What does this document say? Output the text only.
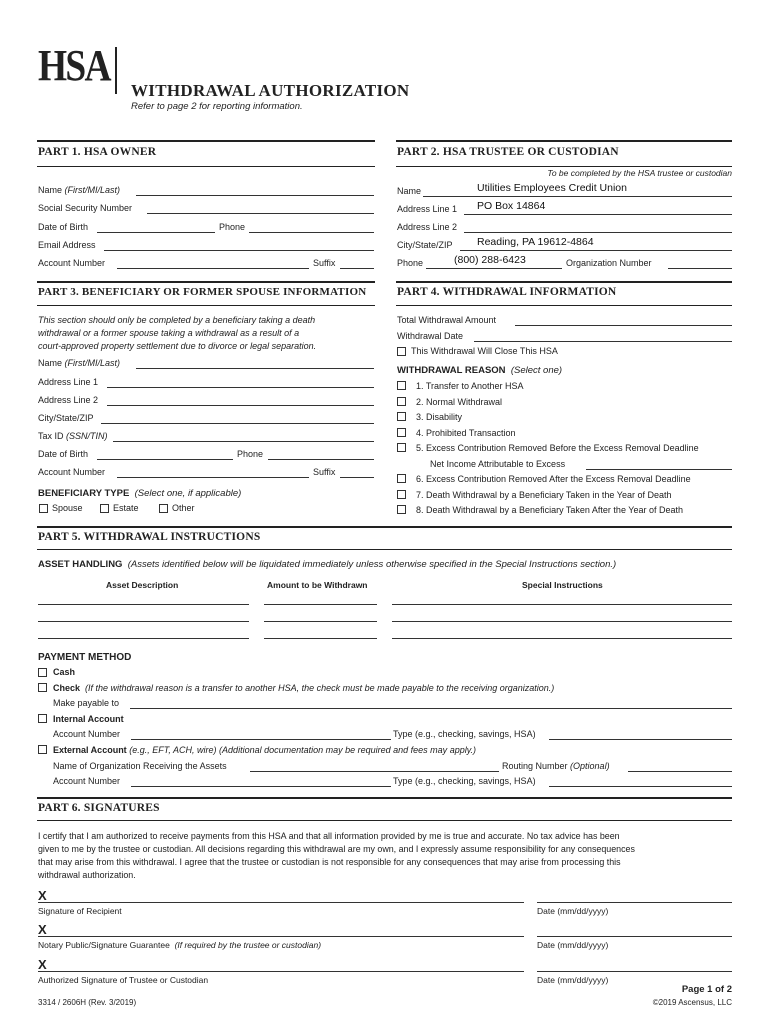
HSA
WITHDRAWAL AUTHORIZATION
Refer to page 2 for reporting information.
PART 1. HSA OWNER
Name (First/MI/Last)
Social Security Number
Date of Birth	Phone
Email Address
Account Number	Suffix
PART 2. HSA TRUSTEE OR CUSTODIAN
To be completed by the HSA trustee or custodian
Name	Utilities Employees Credit Union
Address Line 1 PO Box 14864
Address Line 2
City/State/ZIP Reading, PA 19612-4864
Phone	(800) 288-6423	Organization Number
PART 3. BENEFICIARY OR FORMER SPOUSE INFORMATION
This section should only be completed by a beneficiary taking a death
withdrawal or a former spouse taking a withdrawal as a result of a
court-approved property settlement due to divorce or legal separation.
Name (First/MI/Last)
Address Line 1
Address Line 2
City/State/ZIP
Tax ID (SSN/TIN)
Date of Birth	Phone
Account Number	Suffix
BENEFICIARY TYPE (Select one, if applicable)
Spouse	Estate	Other
PART 4. WITHDRAWAL INFORMATION
Total Withdrawal Amount
Withdrawal Date
This Withdrawal Will Close This HSA
WITHDRAWAL REASON (Select one)
1. Transfer to Another HSA
2. Normal Withdrawal
3. Disability
4. Prohibited Transaction
5. Excess Contribution Removed Before the Excess Removal Deadline
Net Income Attributable to Excess
6. Excess Contribution Removed After the Excess Removal Deadline
7. Death Withdrawal by a Beneficiary Taken in the Year of Death
8. Death Withdrawal by a Beneficiary Taken After the Year of Death
PART 5. WITHDRAWAL INSTRUCTIONS
ASSET HANDLING (Assets identified below will be liquidated immediately unless otherwise specified in the Special Instructions section.)
Asset Description	Amount to be Withdrawn	Special Instructions
PAYMENT METHOD
Cash
Check (If the withdrawal reason is a transfer to another HSA, the check must be made payable to the receiving organization.)
Make payable to
Internal Account
Account Number	Type (e.g., checking, savings, HSA)
External Account (e.g., EFT, ACH, wire) (Additional documentation may be required and fees may apply.)
Name of Organization Receiving the Assets	Routing Number (Optional)
Account Number	Type (e.g., checking, savings, HSA)
PART 6. SIGNATURES
I certify that I am authorized to receive payments from this HSA and that all information provided by me is true and accurate. No tax advice has been
given to me by the trustee or custodian. All decisions regarding this withdrawal are my own, and I expressly assume responsibility for any consequences
that may arise from this withdrawal. I agree that the trustee or custodian is not responsible for any consequences that may arise from processing this
withdrawal authorization.
X
Signature of Recipient	Date (mm/dd/yyyy)
X
Notary Public/Signature Guarantee (If required by the trustee or custodian)	Date (mm/dd/yyyy)
X
Authorized Signature of Trustee or Custodian	Date (mm/dd/yyyy)
3314 / 2606H (Rev. 3/2019)
Page 1 of 2
©2019 Ascensus, LLC
